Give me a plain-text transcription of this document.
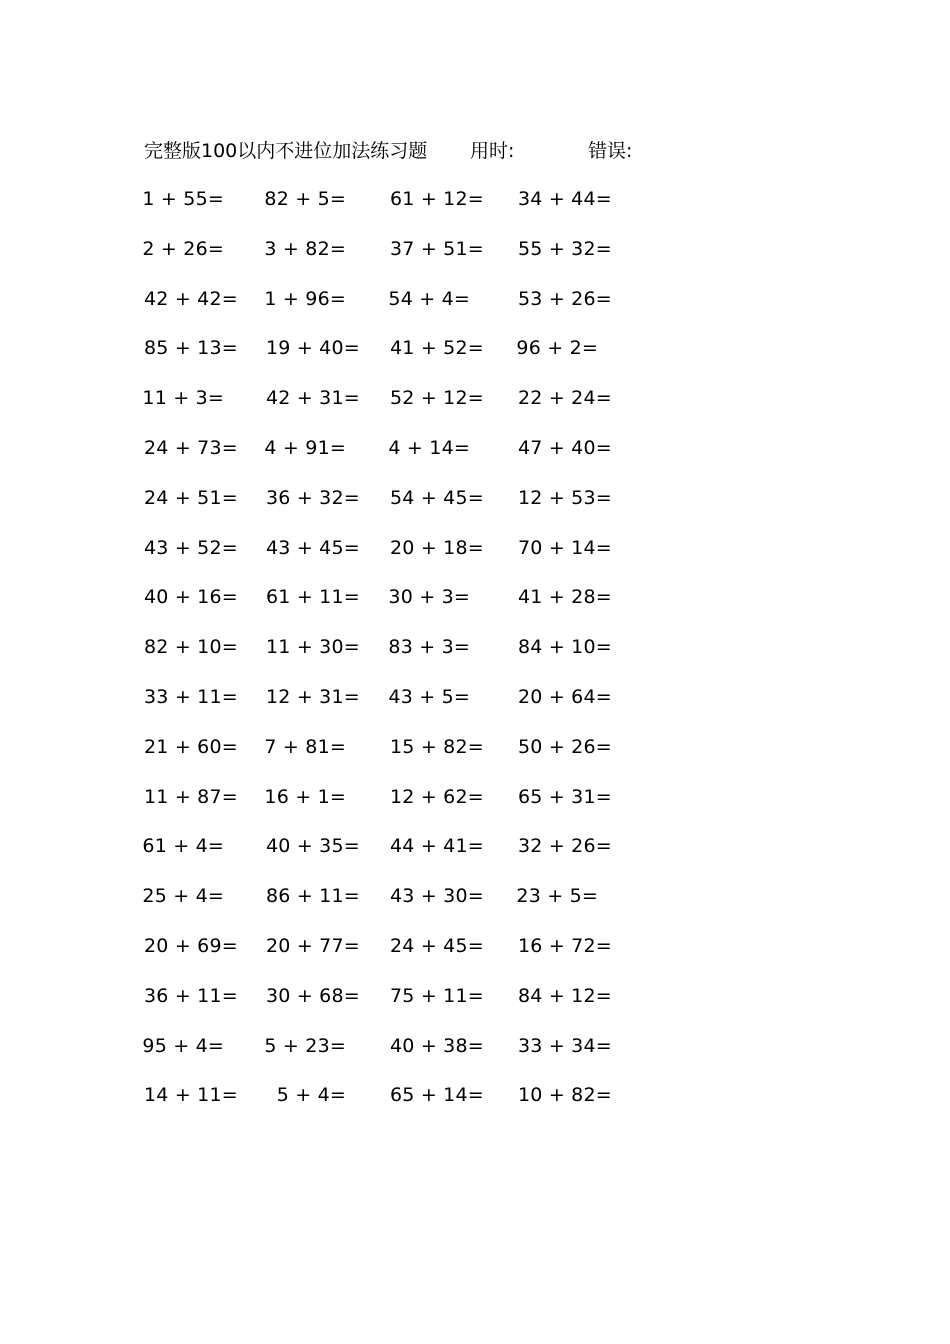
完整版100以内不进位加法练习题 用时:	错误:
1 + 55= 82 + 5= 61 + 12= 34 + 44=
2 + 26= 3 + 82= 37 + 51= 55 + 32=
42 + 42= 1 + 96= 54 + 4=	53 + 26=
85 + 13= 19 + 40= 41 + 52= 96 + 2=
11 + 3= 42 + 31= 52 + 12= 22 + 24=
24 + 73= 4 + 91= 4 + 14=	47 + 40=
24 + 51= 36 + 32= 54 + 45= 12 + 53=
43 + 52= 43 + 45= 20 + 18= 70 + 14=
40 + 16= 61 + 11= 30 + 3=	41 + 28=
82 + 10= 11 + 30= 83 + 3=	84 + 10=
33 + 11= 12 + 31= 43 + 5=	20 + 64=
21 + 60= 7 + 81= 15 + 82= 50 + 26=
11 + 87= 16 + 1= 12 + 62= 65 + 31=
61 + 4= 40 + 35= 44 + 41= 32 + 26=
25 + 4= 86 + 11= 43 + 30= 23 + 5=
20 + 69= 20 + 77= 24 + 45= 16 + 72=
36 + 11= 30 + 68= 75 + 11= 84 + 12=
95 + 4= 5 + 23= 40 + 38= 33 + 34=
14 + 11= 5 + 4= 65 + 14= 10 + 82=
